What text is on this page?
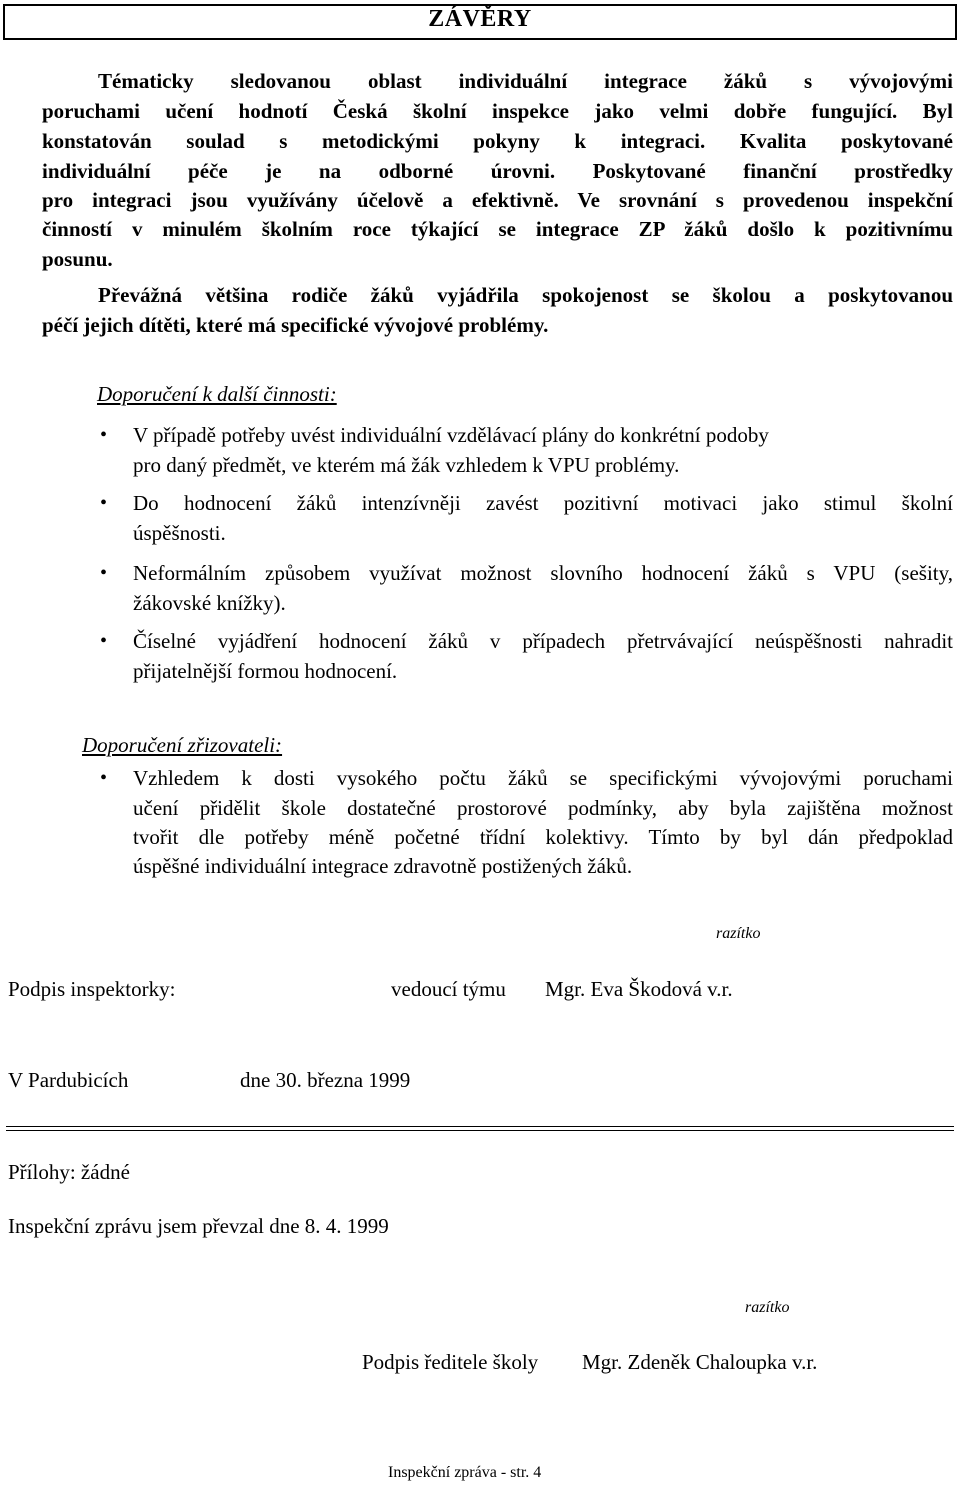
ZÁVĚRY
Tématicky sledovanou oblast individuální integrace žáků s vývojovými
poruchami učení hodnotí Česká školní inspekce jako velmi dobře fungující. Byl
konstatován soulad s metodickými pokyny k integraci. Kvalita poskytované
individuální péče je na odborné úrovni. Poskytované finanční prostředky
pro integraci jsou využívány účelově a efektivně. Ve srovnání s provedenou inspekční
činností v minulém školním roce týkající se integrace ZP žáků došlo k pozitivnímu
posunu.
Převážná většina rodiče žáků vyjádřila spokojenost se školou a poskytovanou
péčí jejich dítěti, které má specifické vývojové problémy.
Doporučení k další činnosti:
• V případě potřeby uvést individuální vzdělávací plány do konkrétní podoby
pro daný předmět, ve kterém má žák vzhledem k VPU problémy.
• Do hodnocení žáků intenzívněji zavést pozitivní motivaci jako stimul školní
úspěšnosti.
• Neformálním způsobem využívat možnost slovního hodnocení žáků s VPU (sešity,
žákovské knížky).
• Číselné vyjádření hodnocení žáků v případech přetrvávající neúspěšnosti nahradit
přijatelnější formou hodnocení.
Doporučení zřizovateli:
• Vzhledem k dosti vysokého počtu žáků se specifickými vývojovými poruchami
učení přidělit škole dostatečné prostorové podmínky, aby byla zajištěna možnost
tvořit dle potřeby méně početné třídní kolektivy. Tímto by byl dán předpoklad
úspěšné individuální integrace zdravotně postižených žáků.
razítko
Podpis inspektorky:	vedoucí týmu Mgr. Eva Škodová v.r.
V Pardubicích	dne 30. března 1999
Přílohy: žádné
Inspekční zprávu jsem převzal dne 8. 4. 1999
razítko
Podpis ředitele školy Mgr. Zdeněk Chaloupka v.r.
Inspekční zpráva - str. 4
